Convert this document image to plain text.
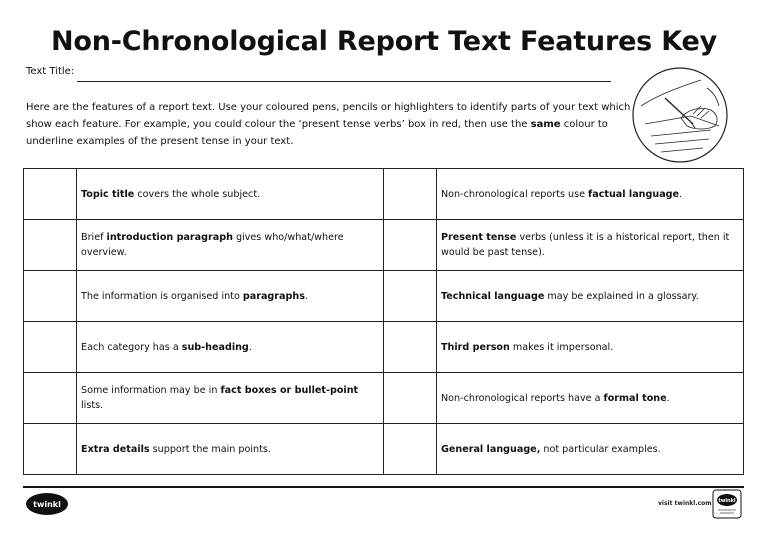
Non-Chronological Report Text Features Key
Text Title:
Here are the features of a report text. Use your coloured pens, pencils or highlighters to identify parts of your text which show each feature. For example, you could colour the ‘present tense verbs’ box in red, then use the same colour to underline examples of the present tense in your text.
	Topic title covers the whole subject.		Non-chronological reports use factual language.
	Brief introduction paragraph gives who/what/where overview.		Present tense verbs (unless it is a historical report, then it would be past tense).
	The information is organised into paragraphs.		Technical language may be explained in a glossary.
	Each category has a sub-heading.		Third person makes it impersonal.
	Some information may be in fact boxes or bullet-point lists.		Non-chronological reports have a formal tone.
	Extra details support the main points.		General language, not particular examples.
twinkl	visit twinkl.com twinkl
